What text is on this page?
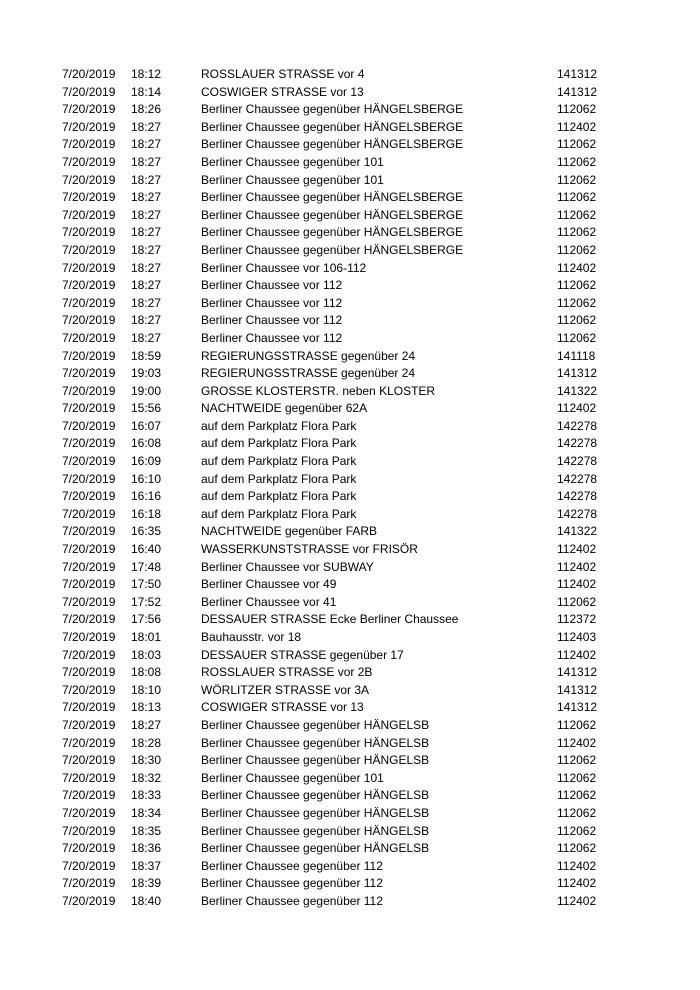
7/20/2019 18:12	ROSSLAUER STRASSE vor 4	141312
7/20/2019 18:14	COSWIGER STRASSE vor 13	141312
7/20/2019 18:26	Berliner Chaussee gegenüber HÄNGELSBERGE	112062
7/20/2019 18:27	Berliner Chaussee gegenüber HÄNGELSBERGE	112402
7/20/2019 18:27	Berliner Chaussee gegenüber HÄNGELSBERGE	112062
7/20/2019 18:27	Berliner Chaussee gegenüber 101	112062
7/20/2019 18:27	Berliner Chaussee gegenüber 101	112062
7/20/2019 18:27	Berliner Chaussee gegenüber HÄNGELSBERGE	112062
7/20/2019 18:27	Berliner Chaussee gegenüber HÄNGELSBERGE	112062
7/20/2019 18:27	Berliner Chaussee gegenüber HÄNGELSBERGE	112062
7/20/2019 18:27	Berliner Chaussee gegenüber HÄNGELSBERGE	112062
7/20/2019 18:27	Berliner Chaussee vor 106-112	112402
7/20/2019 18:27	Berliner Chaussee vor 112	112062
7/20/2019 18:27	Berliner Chaussee vor 112	112062
7/20/2019 18:27	Berliner Chaussee vor 112	112062
7/20/2019 18:27	Berliner Chaussee vor 112	112062
7/20/2019 18:59	REGIERUNGSSTRASSE gegenüber 24	141118
7/20/2019 19:03	REGIERUNGSSTRASSE gegenüber 24	141312
7/20/2019 19:00	GROSSE KLOSTERSTR. neben KLOSTER	141322
7/20/2019 15:56	NACHTWEIDE gegenüber 62A	112402
7/20/2019 16:07	auf dem Parkplatz Flora Park	142278
7/20/2019 16:08	auf dem Parkplatz Flora Park	142278
7/20/2019 16:09	auf dem Parkplatz Flora Park	142278
7/20/2019 16:10	auf dem Parkplatz Flora Park	142278
7/20/2019 16:16	auf dem Parkplatz Flora Park	142278
7/20/2019 16:18	auf dem Parkplatz Flora Park	142278
7/20/2019 16:35	NACHTWEIDE gegenüber FARB	141322
7/20/2019 16:40	WASSERKUNSTSTRASSE vor FRISÖR	112402
7/20/2019 17:48	Berliner Chaussee vor SUBWAY	112402
7/20/2019 17:50	Berliner Chaussee vor 49	112402
7/20/2019 17:52	Berliner Chaussee vor 41	112062
7/20/2019 17:56	DESSAUER STRASSE Ecke Berliner Chaussee	112372
7/20/2019 18:01	Bauhausstr. vor 18	112403
7/20/2019 18:03	DESSAUER STRASSE gegenüber 17	112402
7/20/2019 18:08	ROSSLAUER STRASSE vor 2B	141312
7/20/2019 18:10	WÖRLITZER STRASSE vor 3A	141312
7/20/2019 18:13	COSWIGER STRASSE vor 13	141312
7/20/2019 18:27	Berliner Chaussee gegenüber HÄNGELSB	112062
7/20/2019 18:28	Berliner Chaussee gegenüber HÄNGELSB	112402
7/20/2019 18:30	Berliner Chaussee gegenüber HÄNGELSB	112062
7/20/2019 18:32	Berliner Chaussee gegenüber 101	112062
7/20/2019 18:33	Berliner Chaussee gegenüber HÄNGELSB	112062
7/20/2019 18:34	Berliner Chaussee gegenüber HÄNGELSB	112062
7/20/2019 18:35	Berliner Chaussee gegenüber HÄNGELSB	112062
7/20/2019 18:36	Berliner Chaussee gegenüber HÄNGELSB	112062
7/20/2019 18:37	Berliner Chaussee gegenüber 112	112402
7/20/2019 18:39	Berliner Chaussee gegenüber 112	112402
7/20/2019 18:40	Berliner Chaussee gegenüber 112	112402
